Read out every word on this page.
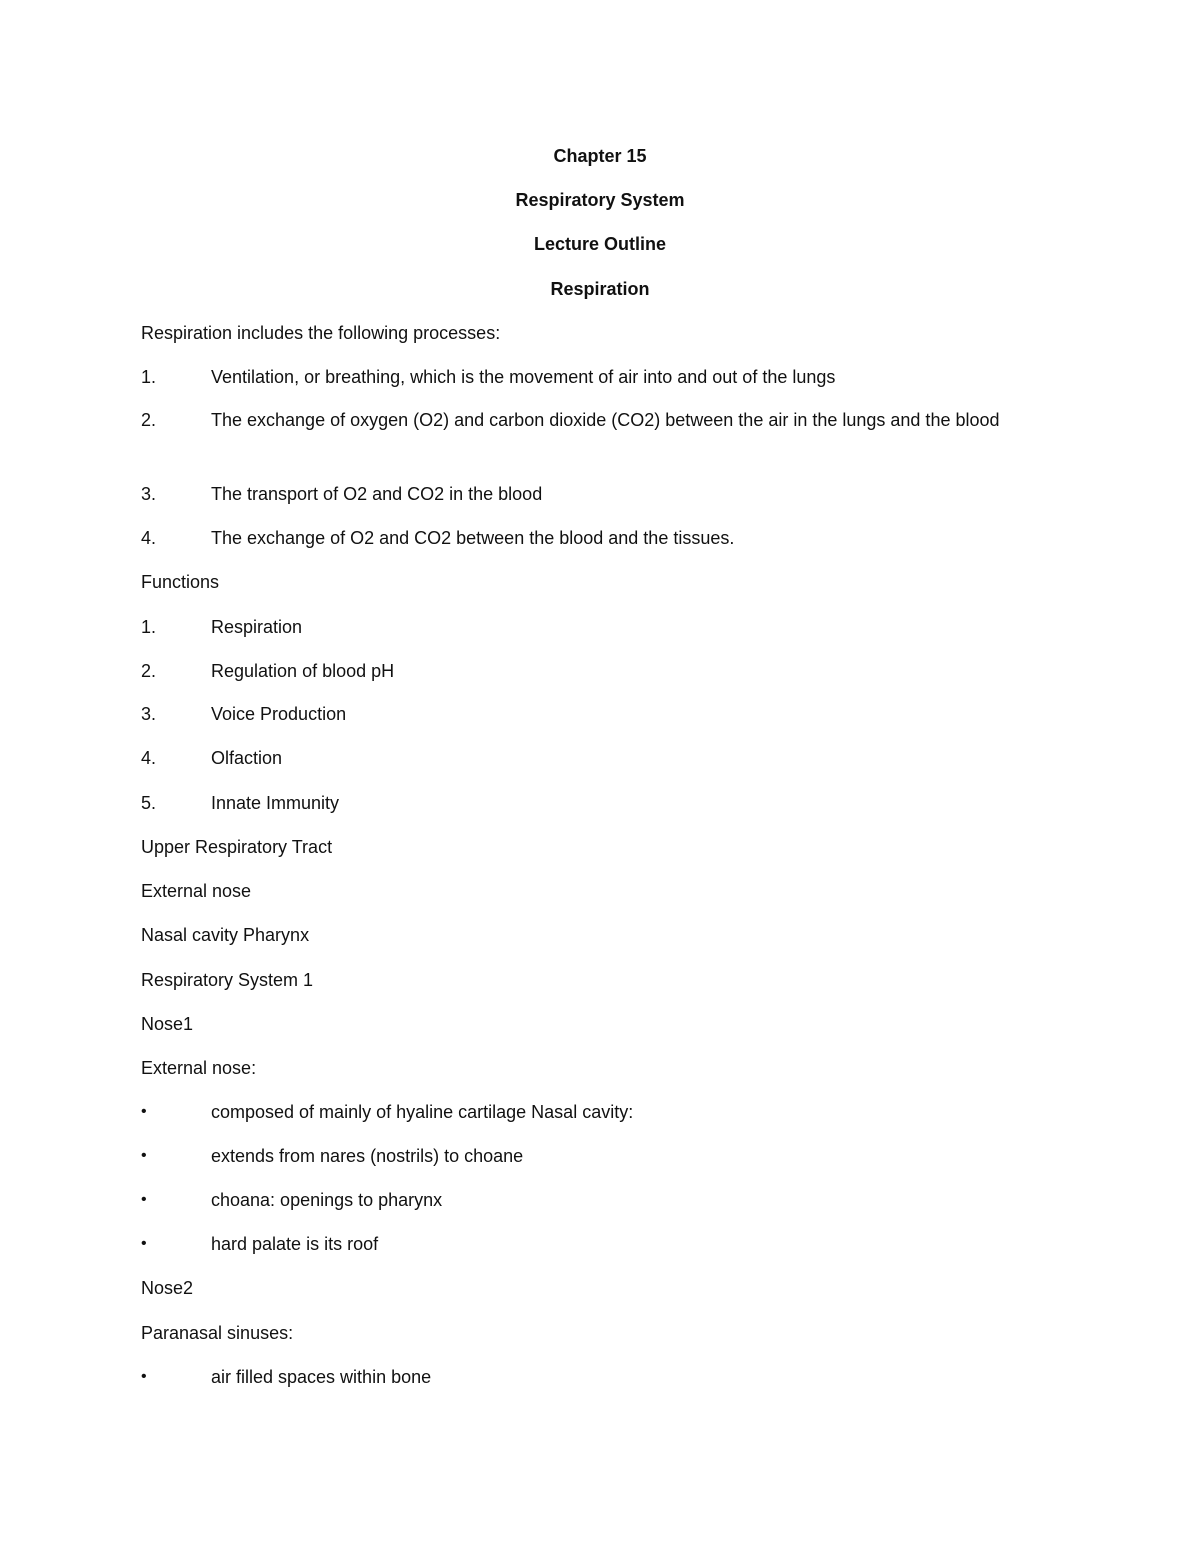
Chapter 15
Respiratory System
Lecture Outline
Respiration
Respiration includes the following processes:
1.	Ventilation, or breathing, which is the movement of air into and out of the lungs
2.	The exchange of oxygen (O2) and carbon dioxide (CO2) between the air in the lungs and the blood
3.	The transport of O2 and CO2 in the blood
4.	The exchange of O2 and CO2 between the blood and the tissues.
Functions
1.	Respiration
2.	Regulation of blood pH
3.	Voice Production
4.	Olfaction
5.	Innate Immunity
Upper Respiratory Tract
External nose
Nasal cavity Pharynx
Respiratory System 1
Nose1
External nose:
•	composed of mainly of hyaline cartilage Nasal cavity:
•	extends from nares (nostrils) to choane
•	choana: openings to pharynx
•	hard palate is its roof
Nose2
Paranasal sinuses:
•	air filled spaces within bone
